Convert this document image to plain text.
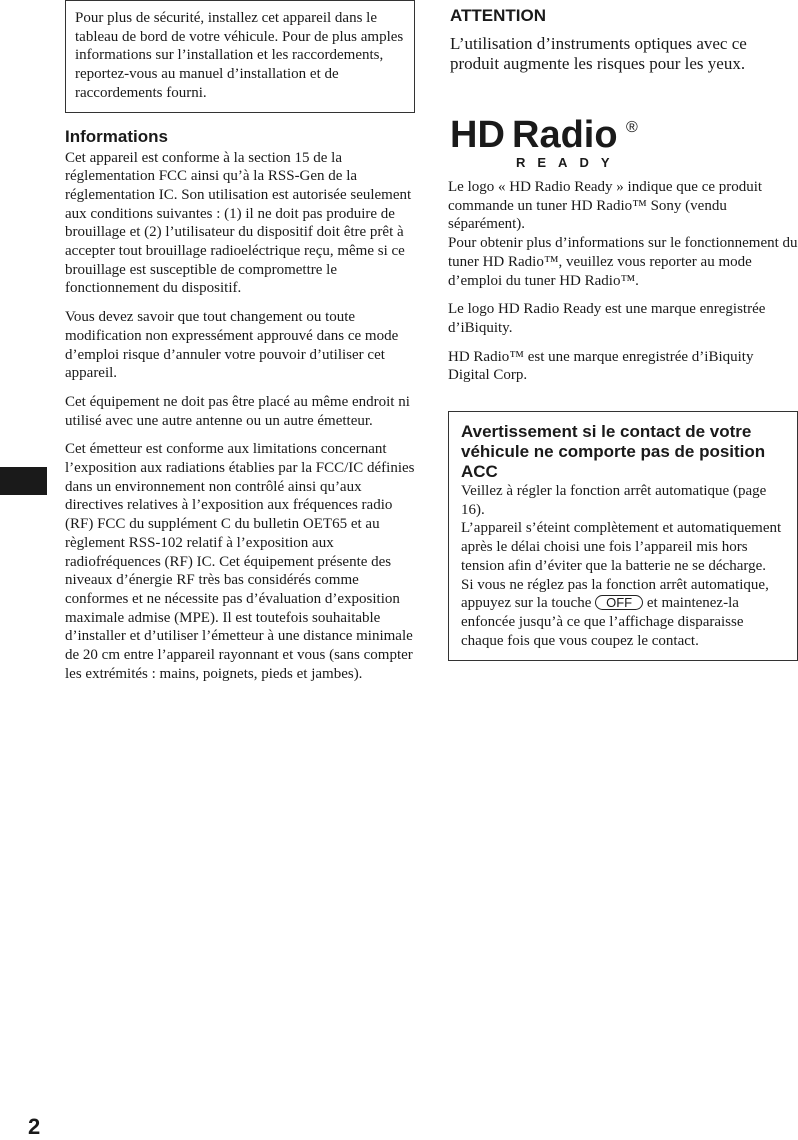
Pour plus de sécurité, installez cet appareil dans le tableau de bord de votre véhicule. Pour de plus amples informations sur l’installation et les raccordements, reportez-vous au manuel d’installation et de raccordements fourni.

Informations

Cet appareil est conforme à la section 15 de la réglementation FCC ainsi qu’à la RSS-Gen de la réglementation IC. Son utilisation est autorisée seulement aux conditions suivantes : (1) il ne doit pas produire de brouillage et (2) l’utilisateur du dispositif doit être prêt à accepter tout brouillage radioeléctrique reçu, même si ce brouillage est susceptible de compromettre le fonctionnement du dispositif.

Vous devez savoir que tout changement ou toute modification non expressément approuvé dans ce mode d’emploi risque d’annuler votre pouvoir d’utiliser cet appareil.

Cet équipement ne doit pas être placé au même endroit ni utilisé avec une autre antenne ou un autre émetteur.

Cet émetteur est conforme aux limitations concernant l’exposition aux radiations établies par la FCC/IC définies dans un environnement non contrôlé ainsi qu’aux directives relatives à l’exposition aux fréquences radio (RF) FCC du supplément C du bulletin OET65 et au règlement RSS-102 relatif à l’exposition aux radiofréquences (RF) IC. Cet équipement présente des niveaux d’énergie RF très bas considérés comme conformes et ne nécessite pas d’évaluation d’exposition maximale admise (MPE). Il est toutefois souhaitable d’installer et d’utiliser l’émetteur à une distance minimale de 20 cm entre l’appareil rayonnant et vous (sans compter les extrémités : mains, poignets, pieds et jambes).

ATTENTION

L’utilisation d’instruments optiques avec ce produit augmente les risques pour les yeux.

HD Radio ®
READY

Le logo « HD Radio Ready » indique que ce produit commande un tuner HD Radio™ Sony (vendu séparément).
Pour obtenir plus d’informations sur le fonctionnement du tuner HD Radio™, veuillez vous reporter au mode d’emploi du tuner HD Radio™.

Le logo HD Radio Ready est une marque enregistrée d’iBiquity.

HD Radio™ est une marque enregistrée d’iBiquity Digital Corp.

Avertissement si le contact de votre véhicule ne comporte pas de position ACC

Veillez à régler la fonction arrêt automatique (page 16).

L’appareil s’éteint complètement et automatiquement après le délai choisi une fois l’appareil mis hors tension afin d’éviter que la batterie ne se décharge.

Si vous ne réglez pas la fonction arrêt automatique, appuyez sur la touche OFF et maintenez-la enfoncée jusqu’à ce que l’affichage disparaisse chaque fois que vous coupez le contact.

2
